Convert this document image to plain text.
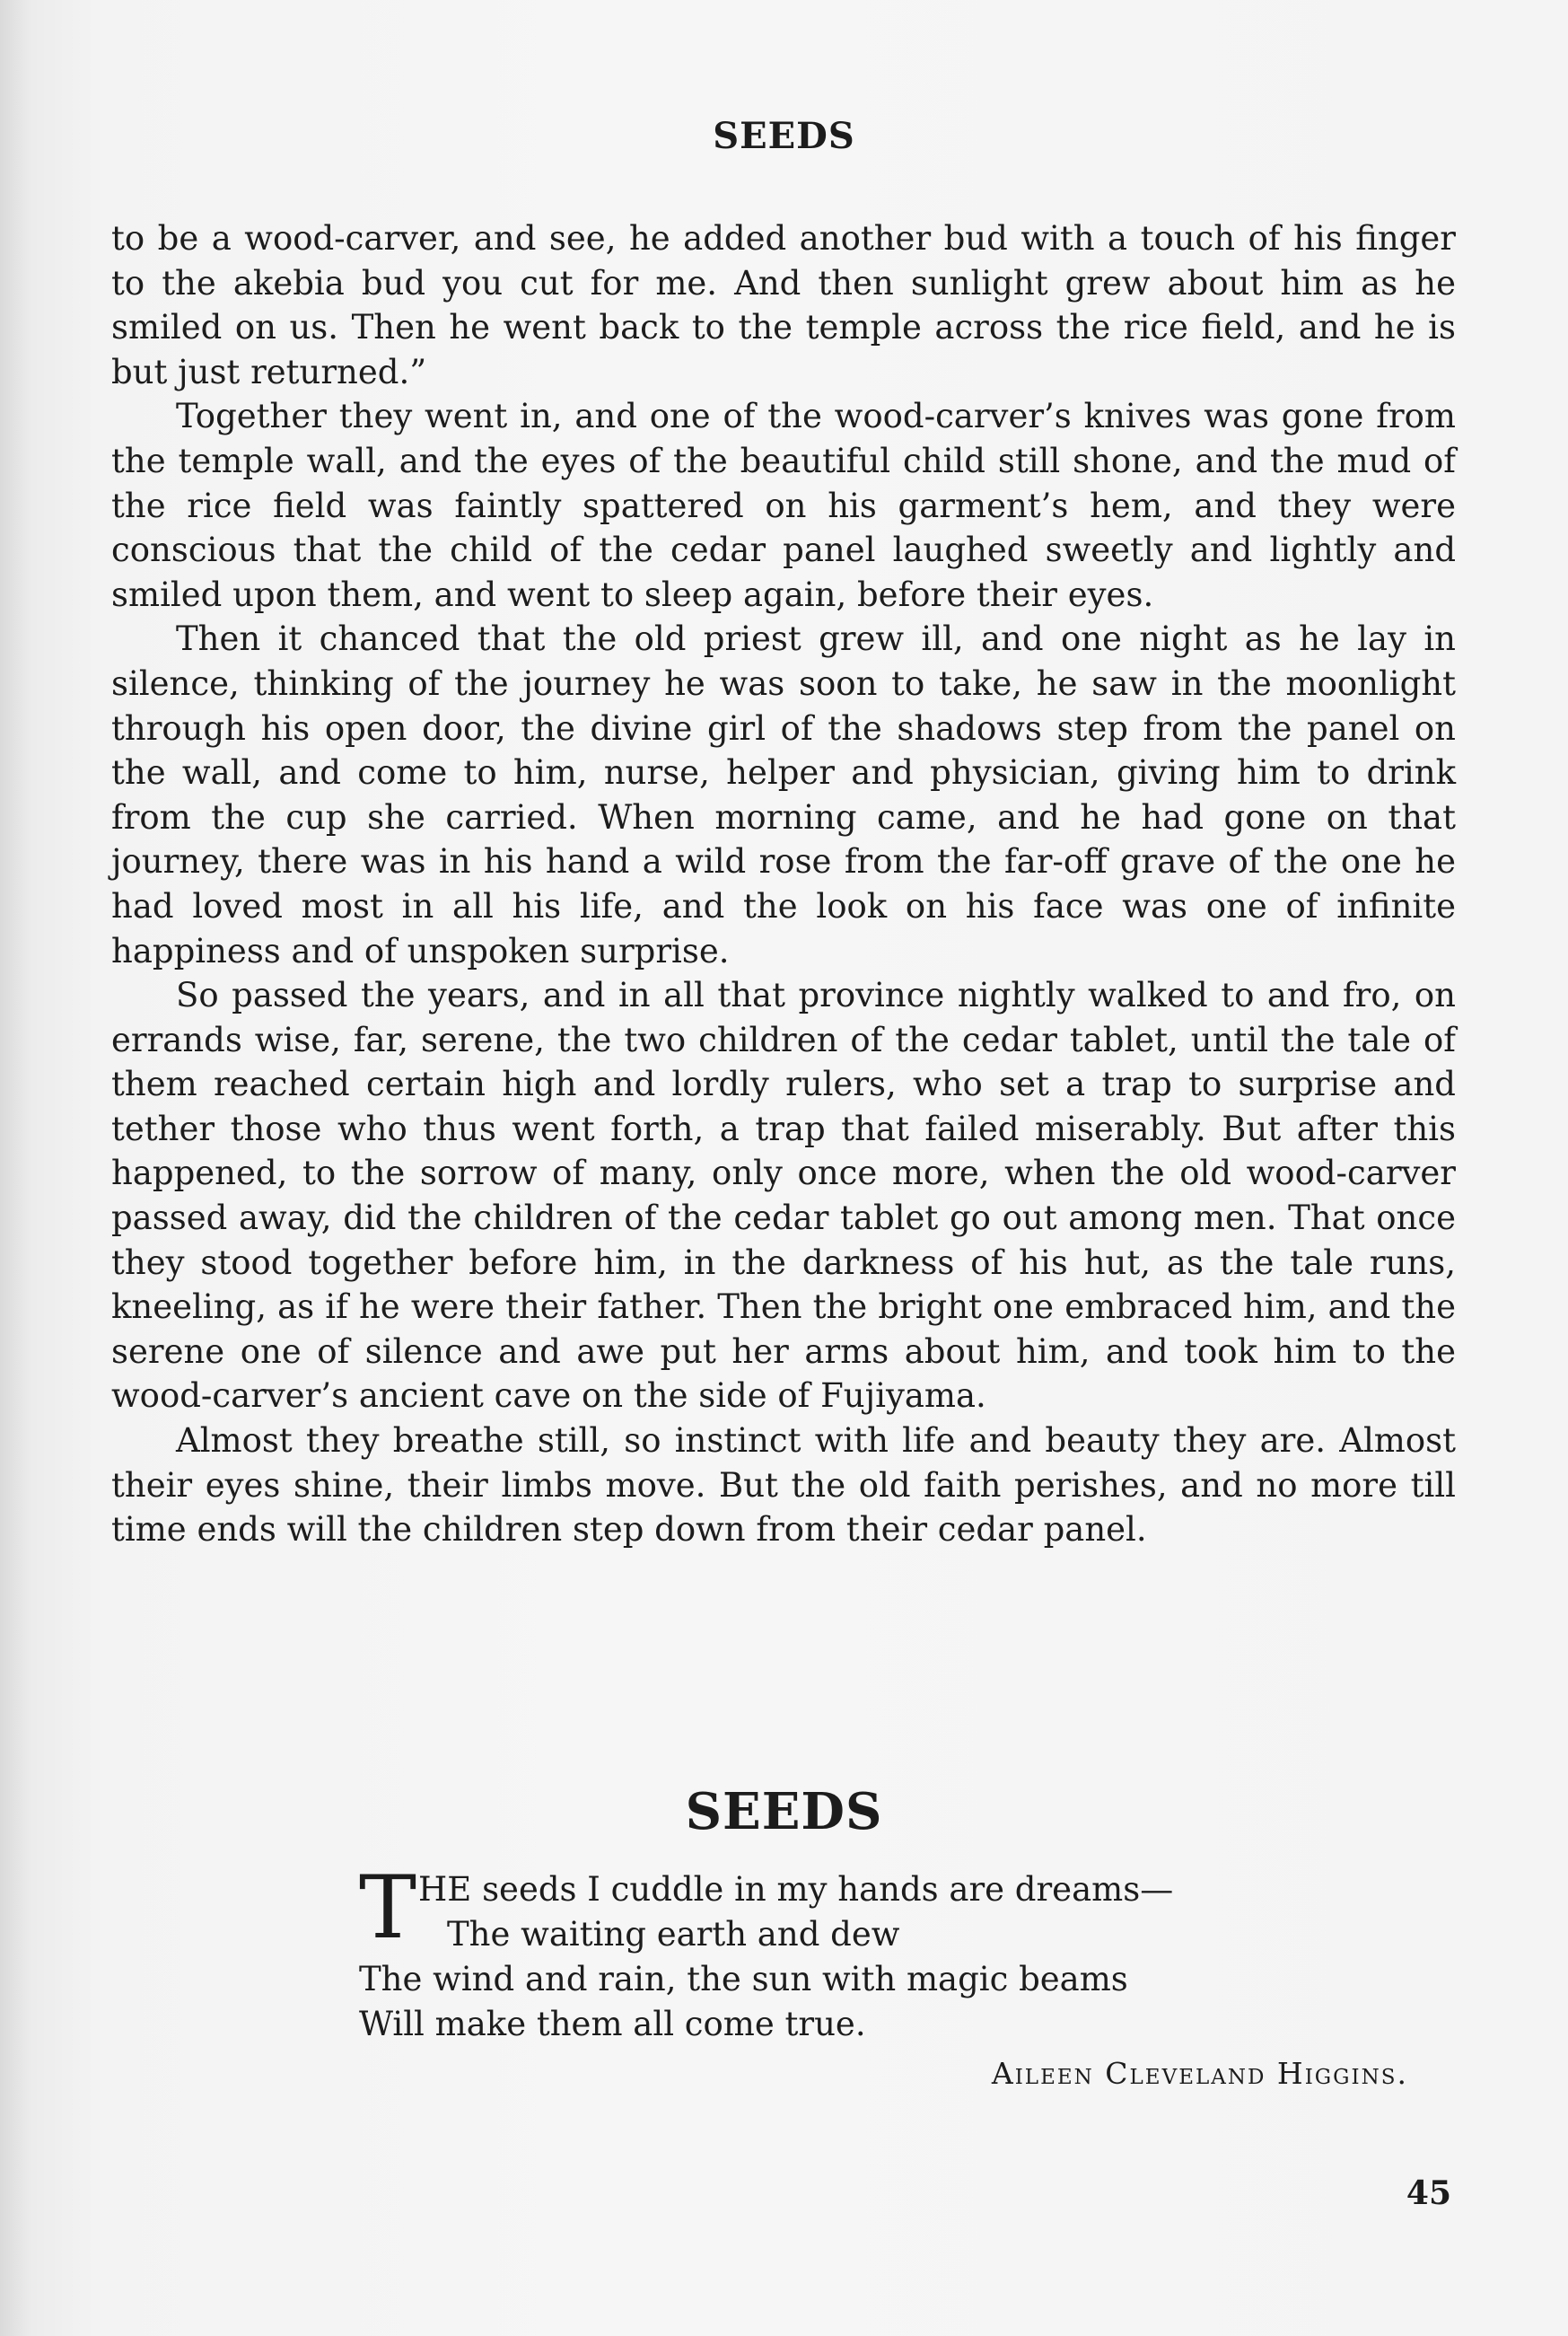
SEEDS

to be a wood-carver, and see, he added another bud with a touch of his finger to the akebia bud you cut for me. And then sunlight grew about him as he smiled on us. Then he went back to the temple across the rice field, and he is but just returned.”

Together they went in, and one of the wood-carver’s knives was gone from the temple wall, and the eyes of the beautiful child still shone, and the mud of the rice field was faintly spattered on his garment’s hem, and they were conscious that the child of the cedar panel laughed sweetly and lightly and smiled upon them, and went to sleep again, before their eyes.

Then it chanced that the old priest grew ill, and one night as he lay in silence, thinking of the journey he was soon to take, he saw in the moonlight through his open door, the divine girl of the shadows step from the panel on the wall, and come to him, nurse, helper and physician, giving him to drink from the cup she carried. When morning came, and he had gone on that journey, there was in his hand a wild rose from the far-off grave of the one he had loved most in all his life, and the look on his face was one of infinite happiness and of unspoken surprise.

So passed the years, and in all that province nightly walked to and fro, on errands wise, far, serene, the two children of the cedar tablet, until the tale of them reached certain high and lordly rulers, who set a trap to surprise and tether those who thus went forth, a trap that failed miserably. But after this happened, to the sorrow of many, only once more, when the old wood-carver passed away, did the children of the cedar tablet go out among men. That once they stood together before him, in the darkness of his hut, as the tale runs, kneeling, as if he were their father. Then the bright one embraced him, and the serene one of silence and awe put her arms about him, and took him to the wood-carver’s ancient cave on the side of Fujiyama.

Almost they breathe still, so instinct with life and beauty they are. Almost their eyes shine, their limbs move. But the old faith perishes, and no more till time ends will the children step down from their cedar panel.

SEEDS
T HE seeds I cuddle in my hands are dreams—
The waiting earth and dew
The wind and rain, the sun with magic beams
Will make them all come true.
Aileen Cleveland Higgins.
45
